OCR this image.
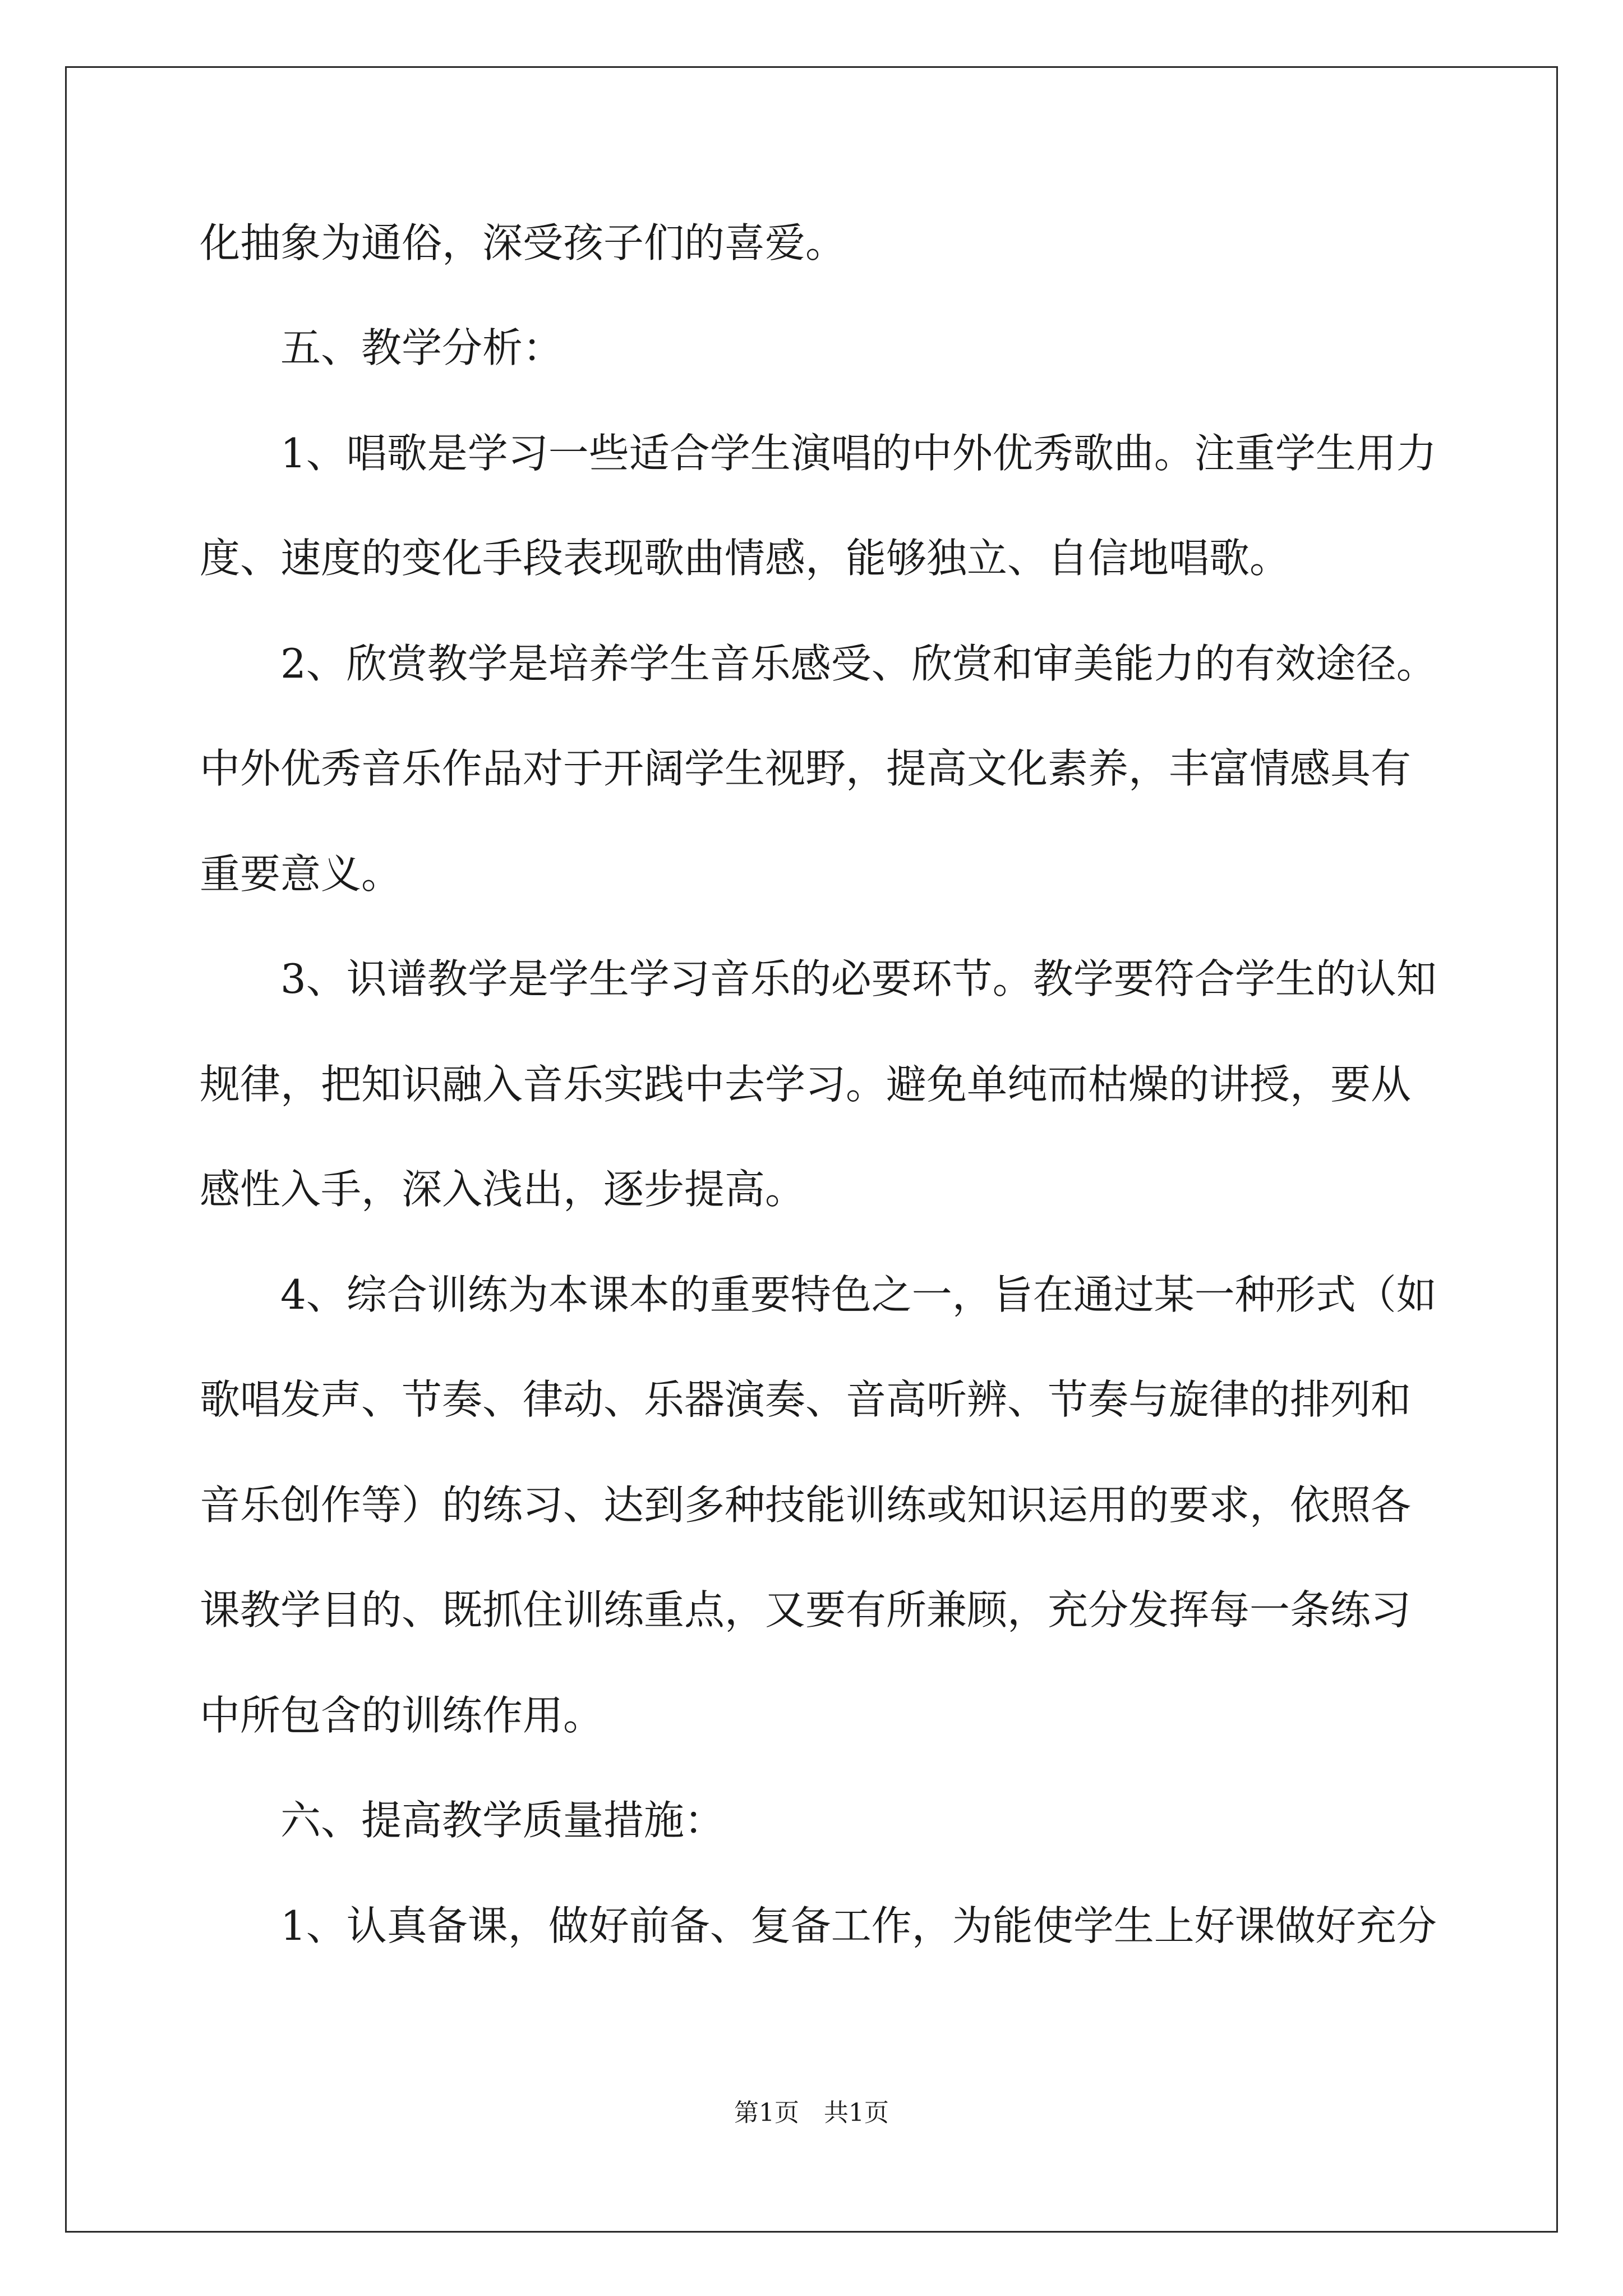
化抽象为通俗，深受孩子们的喜爱。
　　五、教学分析：
　　1、唱歌是学习一些适合学生演唱的中外优秀歌曲。注重学生用力
度、速度的变化手段表现歌曲情感，能够独立、自信地唱歌。
　　2、欣赏教学是培养学生音乐感受、欣赏和审美能力的有效途径。
中外优秀音乐作品对于开阔学生视野，提高文化素养，丰富情感具有
重要意义。
　　3、识谱教学是学生学习音乐的必要环节。教学要符合学生的认知
规律，把知识融入音乐实践中去学习。避免单纯而枯燥的讲授，要从
感性入手，深入浅出，逐步提高。
　　4、综合训练为本课本的重要特色之一，旨在通过某一种形式（如
歌唱发声、节奏、律动、乐器演奏、音高听辨、节奏与旋律的排列和
音乐创作等）的练习、达到多种技能训练或知识运用的要求，依照各
课教学目的、既抓住训练重点，又要有所兼顾，充分发挥每一条练习
中所包含的训练作用。
　　六、提高教学质量措施：
　　1、认真备课，做好前备、复备工作，为能使学生上好课做好充分
第1页　共1页
